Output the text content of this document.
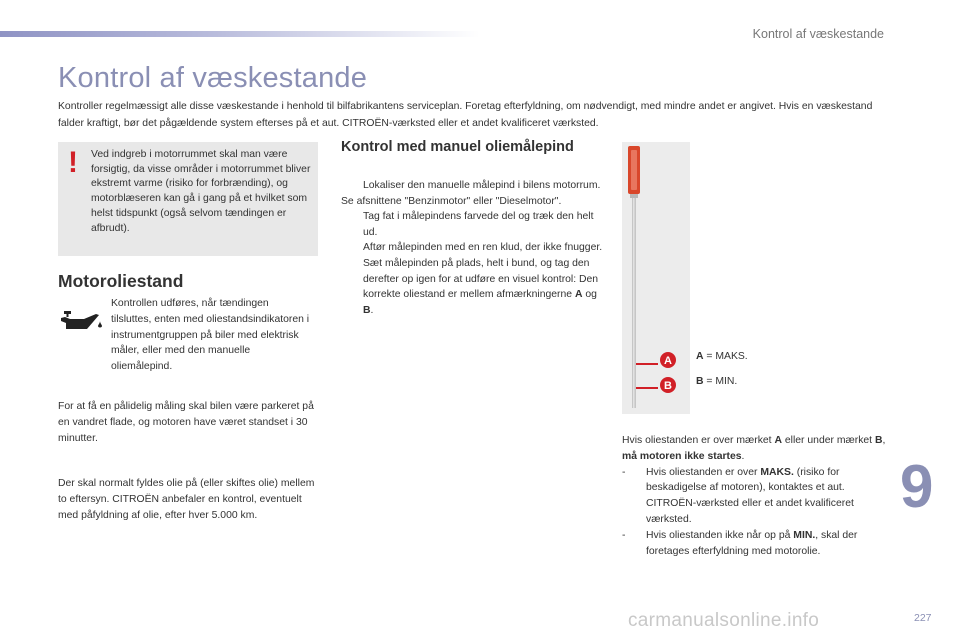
Kontrol af væskestande
Kontrol af væskestande

Kontroller regelmæssigt alle disse væskestande i henhold til bilfabrikantens serviceplan. Foretag efterfyldning, om nødvendigt, med mindre andet er angivet. Hvis en væskestand falder kraftigt, bør det pågældende system efterses på et aut. CITROËN-værksted eller et andet kvalificeret værksted.

! Ved indgreb i motorrummet skal man være forsigtig, da visse områder i motorrummet bliver ekstremt varme (risiko for forbrænding), og motorblæseren kan gå i gang på et hvilket som helst tidspunkt (også selvom tændingen er afbrudt).

Motoroliestand

Kontrollen udføres, når tændingen tilsluttes, enten med oliestandsindikatoren i instrumentgruppen på biler med elektrisk måler, eller med den manuelle oliemålepind.

For at få en pålidelig måling skal bilen være parkeret på en vandret flade, og motoren have været standset i 30 minutter.

Der skal normalt fyldes olie på (eller skiftes olie) mellem to eftersyn. CITROËN anbefaler en kontrol, eventuelt med påfyldning af olie, efter hver 5.000 km.

Kontrol med manuel oliemålepind
Lokaliser den manuelle målepind i bilens motorrum.
Se afsnittene "Benzinmotor" eller "Dieselmotor".
Tag fat i målepindens farvede del og træk den helt ud.
Aftør målepinden med en ren klud, der ikke fnugger.
Sæt målepinden på plads, helt i bund, og tag den derefter op igen for at udføre en visuel kontrol: Den korrekte oliestand er mellem afmærkningerne A og B.
A
B
A = MAKS.
B = MIN.

Hvis oliestanden er over mærket A eller under mærket B, må motoren ikke startes.

-	Hvis oliestanden er over MAKS. (risiko for beskadigelse af motoren), kontaktes et aut. CITROËN-værksted eller et andet kvalificeret værksted.
-	Hvis oliestanden ikke når op på MIN., skal der foretages efterfyldning med motorolie.
9
carmanualsonline.info	227
